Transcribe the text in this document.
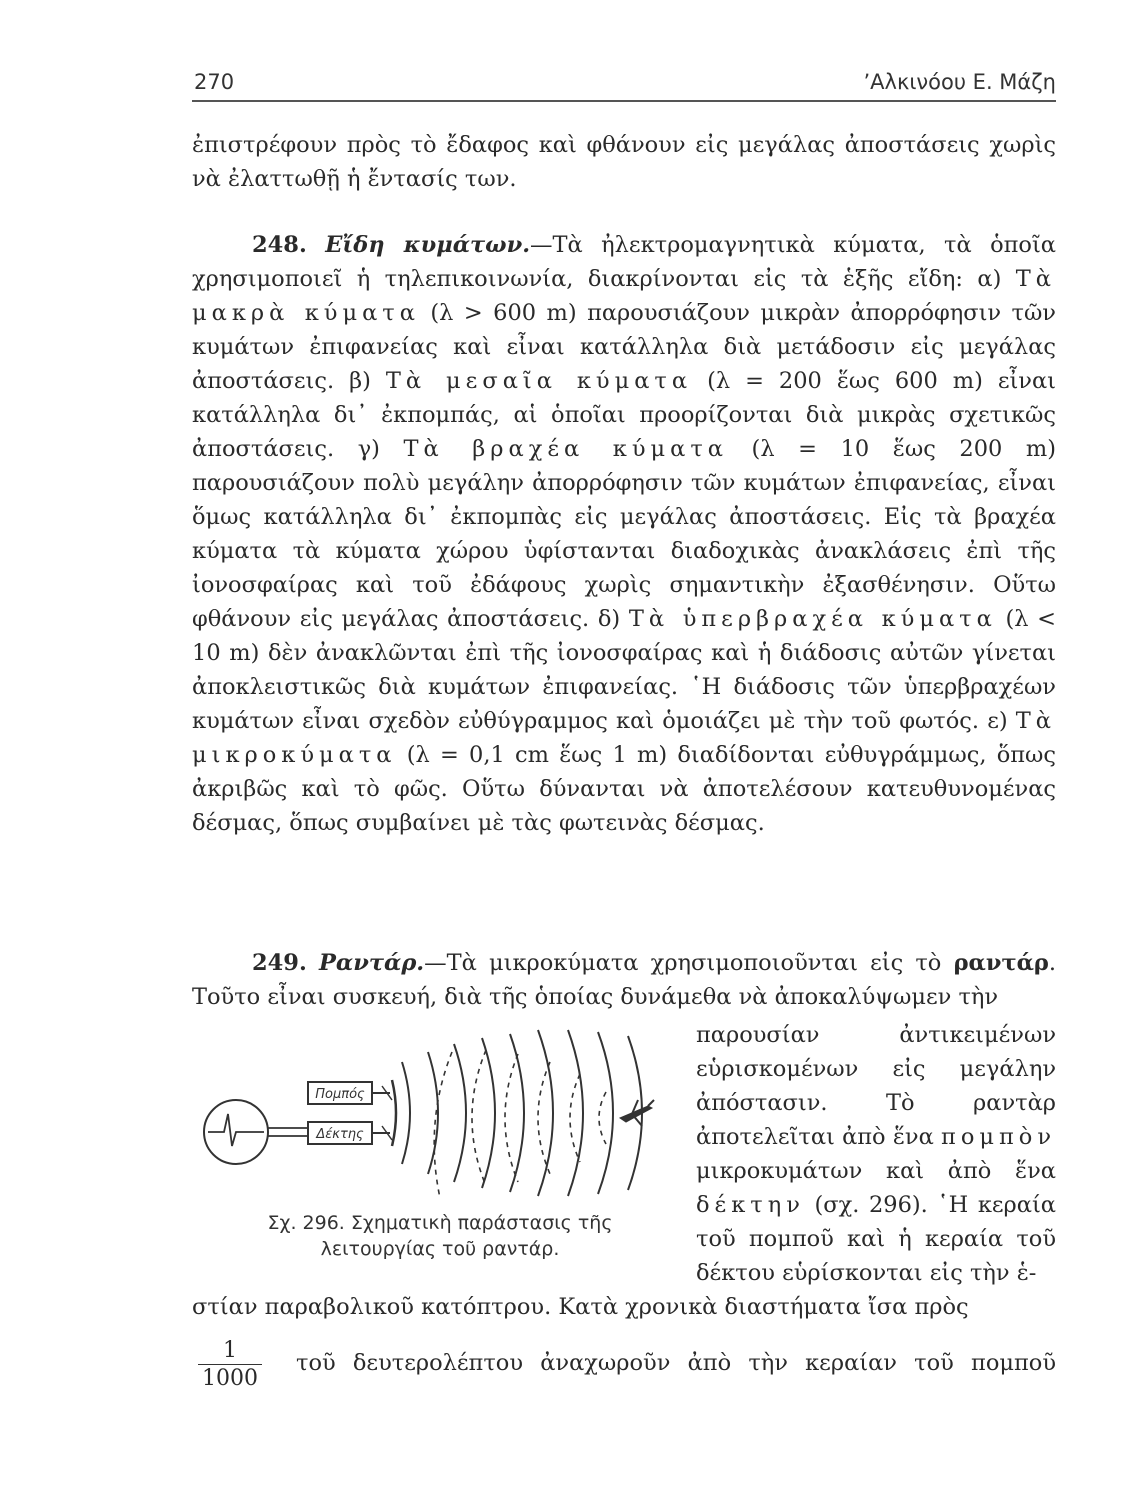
270	ʼΑλκινόου Ε. Μάζη
ἐπιστρέφουν πρὸς τὸ ἔδαφος καὶ φθάνουν εἰς μεγάλας ἀποστάσεις χωρὶς νὰ ἐλαττωθῇ ἡ ἔντασίς των.
248. Εἴδη κυμάτων.—Τὰ ἠλεκτρομαγνητικὰ κύματα, τὰ ὁποῖα χρησιμοποιεῖ ἡ τηλεπικοινωνία, διακρίνονται εἰς τὰ ἑξῆς εἴδη: α) Τὰ μακρὰ κύματα (λ > 600 m) παρουσιάζουν μικρὰν ἀπορρόφησιν τῶν κυμάτων ἐπιφανείας καὶ εἶναι κατάλληλα διὰ μετάδοσιν εἰς μεγάλας ἀποστάσεις. β) Τὰ μεσαῖα κύματα (λ = 200 ἕως 600 m) εἶναι κατάλληλα δι᾽ ἐκπομπάς, αἱ ὁποῖαι προορίζονται διὰ μικρὰς σχετικῶς ἀποστάσεις. γ) Τὰ βραχέα κύματα (λ = 10 ἕως 200 m) παρουσιάζουν πολὺ μεγάλην ἀπορρόφησιν τῶν κυμάτων ἐπιφανείας, εἶναι ὅμως κατάλληλα δι᾽ ἐκπομπὰς εἰς μεγάλας ἀποστάσεις. Εἰς τὰ βραχέα κύματα τὰ κύματα χώρου ὑφίστανται διαδοχικὰς ἀνακλάσεις ἐπὶ τῆς ἰονοσφαίρας καὶ τοῦ ἐδάφους χωρὶς σημαντικὴν ἐξασθένησιν. Οὕτω φθάνουν εἰς μεγάλας ἀποστάσεις. δ) Τὰ ὑπερβραχέα κύματα (λ < 10 m) δὲν ἀνακλῶνται ἐπὶ τῆς ἰονοσφαίρας καὶ ἡ διάδοσις αὐτῶν γίνεται ἀποκλειστικῶς διὰ κυμάτων ἐπιφανείας. ῾Η διάδοσις τῶν ὑπερβραχέων κυμάτων εἶναι σχεδὸν εὐθύγραμμος καὶ ὁμοιάζει μὲ τὴν τοῦ φωτός. ε) Τὰ μικροκύματα (λ = 0,1 cm ἕως 1 m) διαδίδονται εὐθυγράμμως, ὅπως ἀκριβῶς καὶ τὸ φῶς. Οὕτω δύνανται νὰ ἀποτελέσουν κατευθυνομένας δέσμας, ὅπως συμβαίνει μὲ τὰς φωτεινὰς δέσμας.
249. Ραντάρ.—Τὰ μικροκύματα χρησιμοποιοῦνται εἰς τὸ ραντάρ. Τοῦτο εἶναι συσκευή, διὰ τῆς ὁποίας δυνάμεθα νὰ ἀποκαλύψωμεν τὴν
παρουσίαν ἀντικειμένων εὑρισκομένων εἰς μεγάλην ἀπόστασιν. Τὸ ραντὰρ ἀποτελεῖται ἀπὸ ἕνα πομπὸν μικροκυμάτων καὶ ἀπὸ ἕνα δέκτην (σχ. 296). ῾Η κεραία τοῦ πομποῦ καὶ ἡ κεραία τοῦ δέκτου εὑρίσκονται εἰς τὴν ἑ-
Πομπός
Δέκτης
Σχ. 296. Σχηματικὴ παράστασις τῆς λειτουργίας τοῦ ραντάρ.
στίαν παραβολικοῦ κατόπτρου. Κατὰ χρονικὰ διαστήματα ἴσα πρὸς
$\frac{1}{1000}$ τοῦ δευτερολέπτου ἀναχωροῦν ἀπὸ τὴν κεραίαν τοῦ πομποῦ
